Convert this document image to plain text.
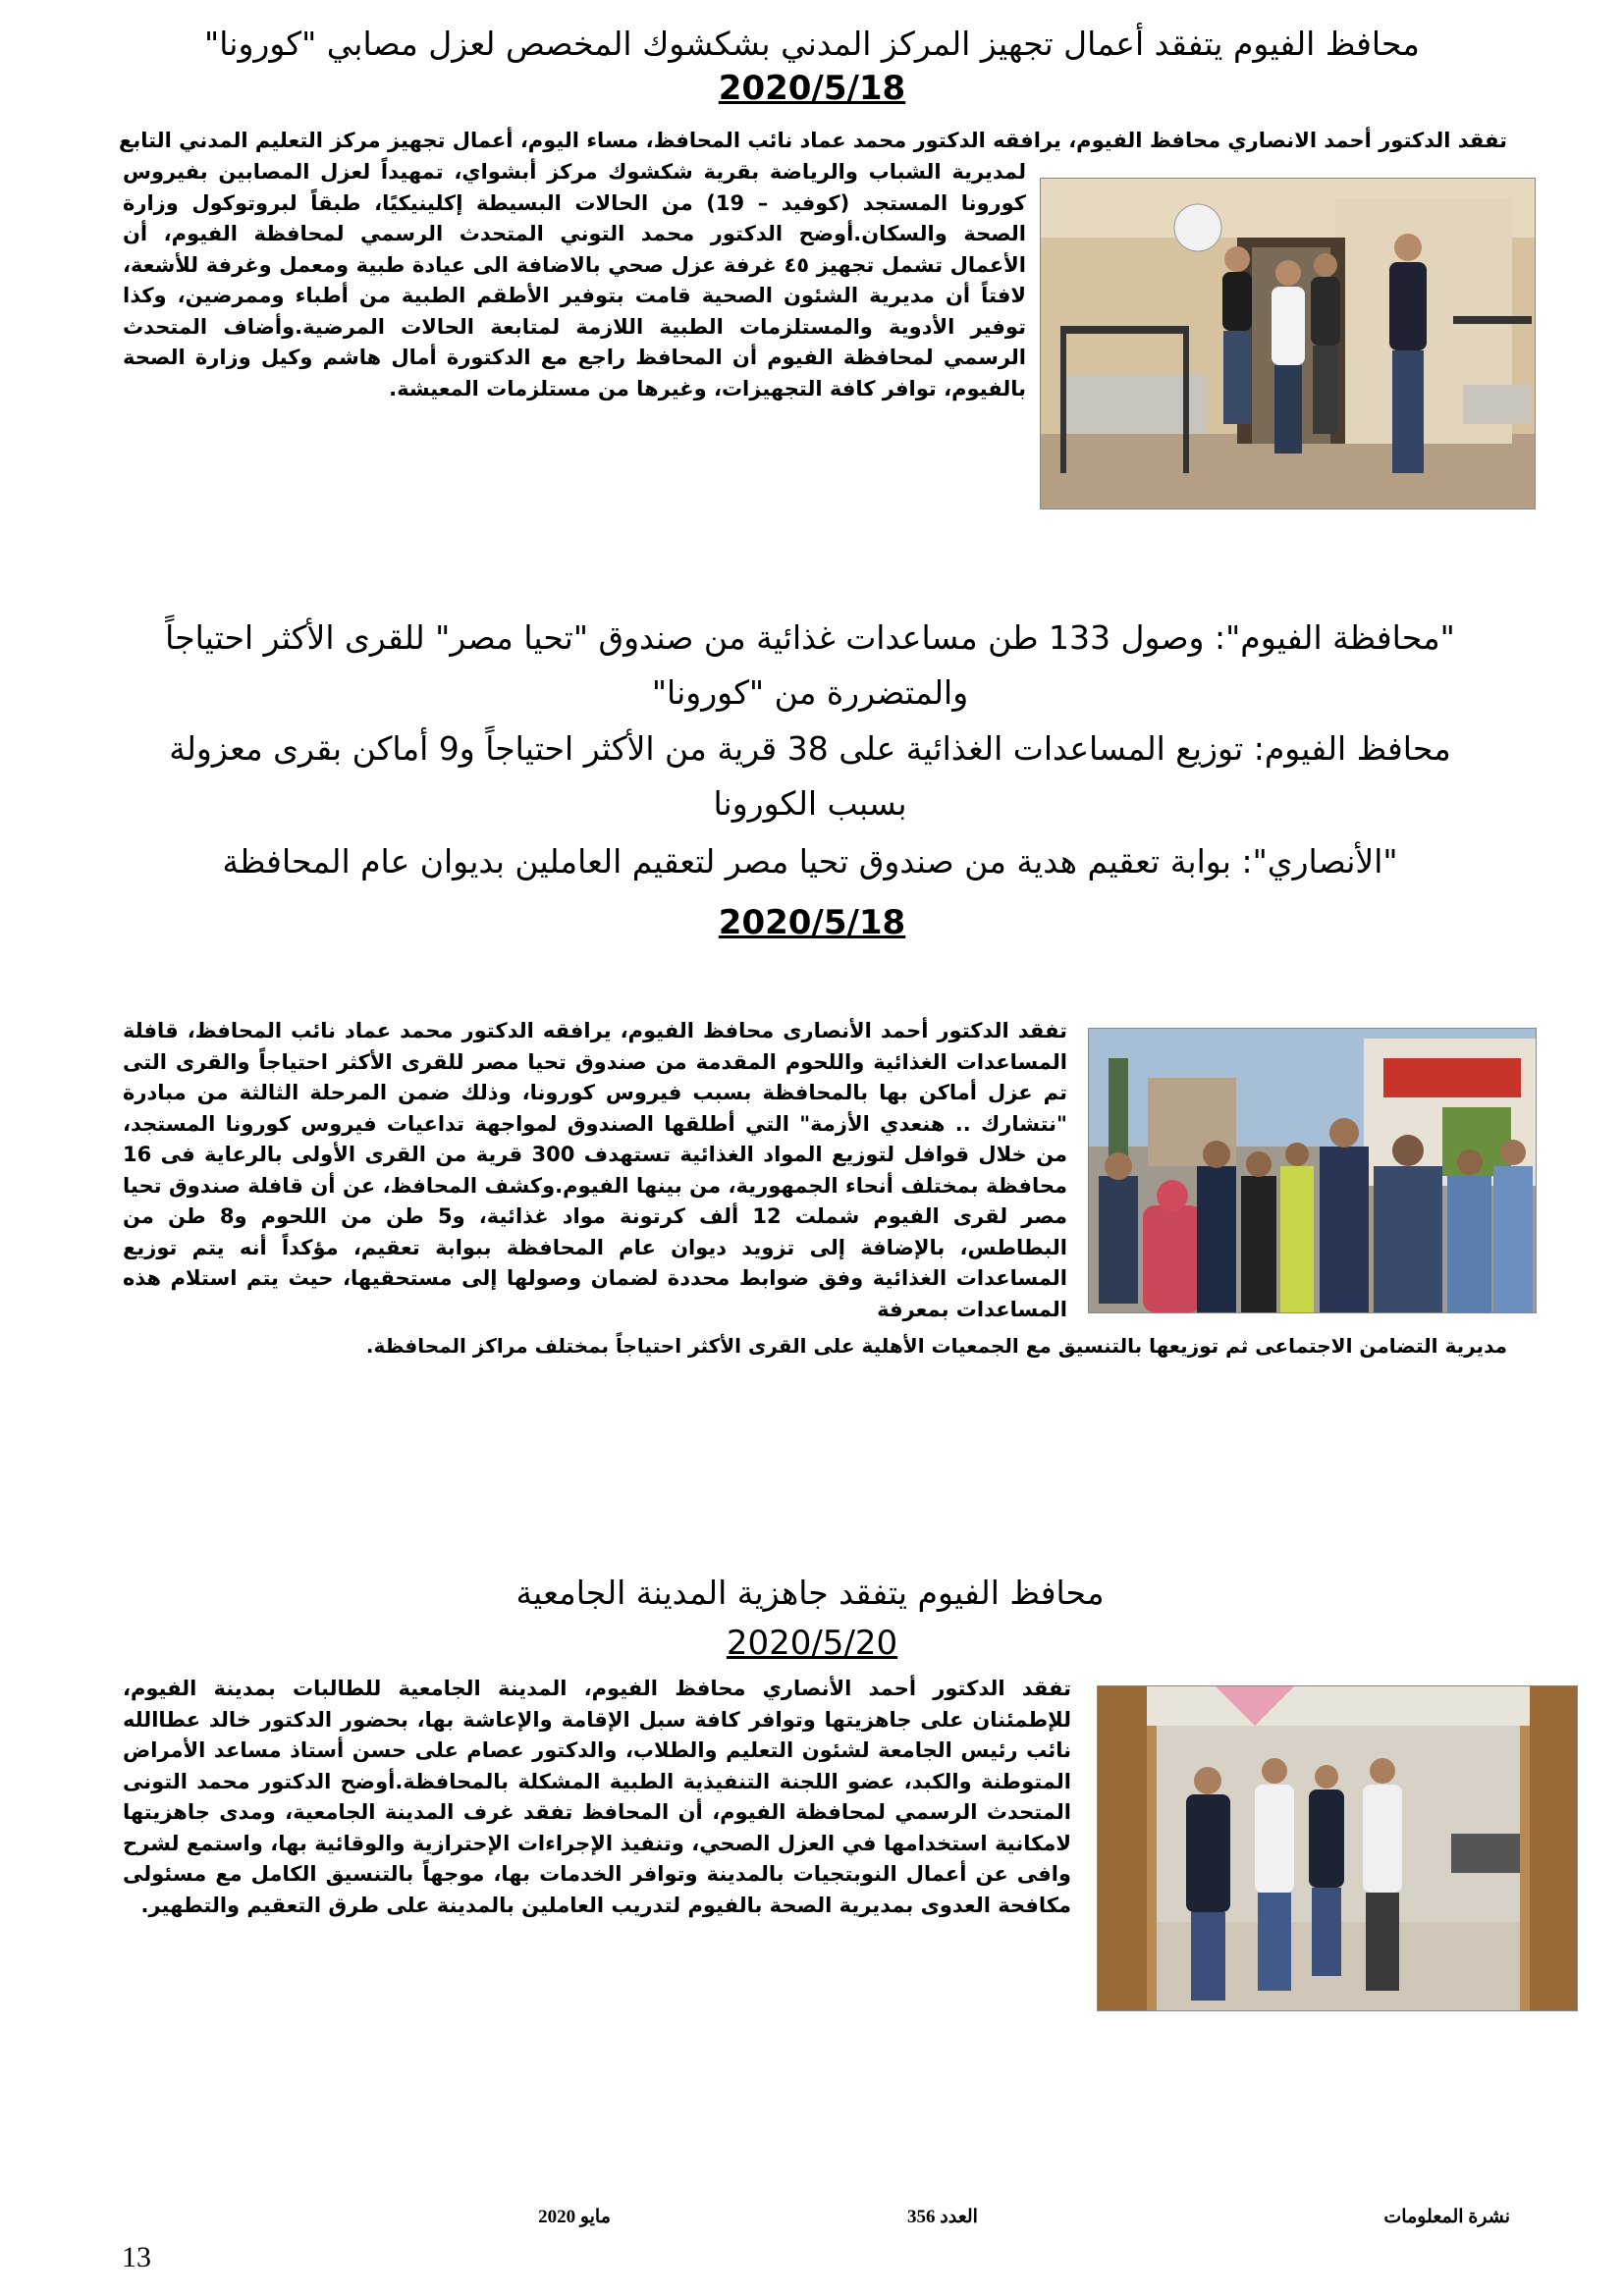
محافظ الفيوم يتفقد أعمال تجهيز المركز المدني بشكشوك المخصص لعزل مصابي "كورونا"
2020/5/18
تفقد الدكتور أحمد الانصاري محافظ الفيوم، يرافقه الدكتور محمد عماد نائب المحافظ، مساء اليوم، أعمال تجهيز مركز التعليم المدني التابع
لمديرية الشباب والرياضة بقرية شكشوك مركز أبشواي، تمهيداً لعزل المصابين بفيروس كورونا المستجد (كوفيد – 19) من الحالات البسيطة إكلينيكيًا، طبقاً لبروتوكول وزارة الصحة والسكان.أوضح الدكتور محمد التوني المتحدث الرسمي لمحافظة الفيوم، أن الأعمال تشمل تجهيز ٤٥ غرفة عزل صحي بالاضافة الى عيادة طبية ومعمل وغرفة للأشعة، لافتاً أن مديرية الشئون الصحية قامت بتوفير الأطقم الطبية من أطباء وممرضين، وكذا توفير الأدوية والمستلزمات الطبية اللازمة لمتابعة الحالات المرضية.وأضاف المتحدث الرسمي لمحافظة الفيوم أن المحافظ راجع مع الدكتورة أمال هاشم وكيل وزارة الصحة بالفيوم، توافر كافة التجهيزات، وغيرها من مستلزمات المعيشة.
"محافظة الفيوم": وصول 133 طن مساعدات غذائية من صندوق "تحيا مصر" للقرى الأكثر احتياجاً والمتضررة من "كورونا"
محافظ الفيوم: توزيع المساعدات الغذائية على 38 قرية من الأكثر احتياجاً و9 أماكن بقرى معزولة بسبب الكورونا
"الأنصاري": بوابة تعقيم هدية من صندوق تحيا مصر لتعقيم العاملين بديوان عام المحافظة
2020/5/18
تفقد الدكتور أحمد الأنصارى محافظ الفيوم، يرافقه الدكتور محمد عماد نائب المحافظ، قافلة المساعدات الغذائية واللحوم المقدمة من صندوق تحيا مصر للقرى الأكثر احتياجاً والقرى التى تم عزل أماكن بها بالمحافظة بسبب فيروس كورونا، وذلك ضمن المرحلة الثالثة من مبادرة "نتشارك .. هنعدي الأزمة" التي أطلقها الصندوق لمواجهة تداعيات فيروس كورونا المستجد، من خلال قوافل لتوزيع المواد الغذائية تستهدف 300 قرية من القرى الأولى بالرعاية فى 16 محافظة بمختلف أنحاء الجمهورية، من بينها الفيوم.وكشف المحافظ، عن أن قافلة صندوق تحيا مصر لقرى الفيوم شملت 12 ألف كرتونة مواد غذائية، و5 طن من اللحوم و8 طن من البطاطس، بالإضافة إلى تزويد ديوان عام المحافظة ببوابة تعقيم، مؤكداً أنه يتم توزيع المساعدات الغذائية وفق ضوابط محددة لضمان وصولها إلى مستحقيها، حيث يتم استلام هذه المساعدات بمعرفة
مديرية التضامن الاجتماعى ثم توزيعها بالتنسيق مع الجمعيات الأهلية على القرى الأكثر احتياجاً بمختلف مراكز المحافظة.
محافظ الفيوم يتفقد جاهزية المدينة الجامعية
2020/5/20
تفقد الدكتور أحمد الأنصاري محافظ الفيوم، المدينة الجامعية للطالبات بمدينة الفيوم، للإطمئنان على جاهزيتها وتوافر كافة سبل الإقامة والإعاشة بها، بحضور الدكتور خالد عطاالله نائب رئيس الجامعة لشئون التعليم والطلاب، والدكتور عصام على حسن أستاذ مساعد الأمراض المتوطنة والكبد، عضو اللجنة التنفيذية الطبية المشكلة بالمحافظة.أوضح الدكتور محمد التونى المتحدث الرسمي لمحافظة الفيوم، أن المحافظ تفقد غرف المدينة الجامعية، ومدى جاهزيتها لامكانية استخدامها في العزل الصحي، وتنفيذ الإجراءات الإحترازية والوقائية بها، واستمع لشرح وافى عن أعمال النوبتجيات بالمدينة وتوافر الخدمات بها، موجهاً بالتنسيق الكامل مع مسئولى مكافحة العدوى بمديرية الصحة بالفيوم لتدريب العاملين بالمدينة على طرق التعقيم والتطهير.
نشرة المعلومات
العدد 356
مايو 2020
13
